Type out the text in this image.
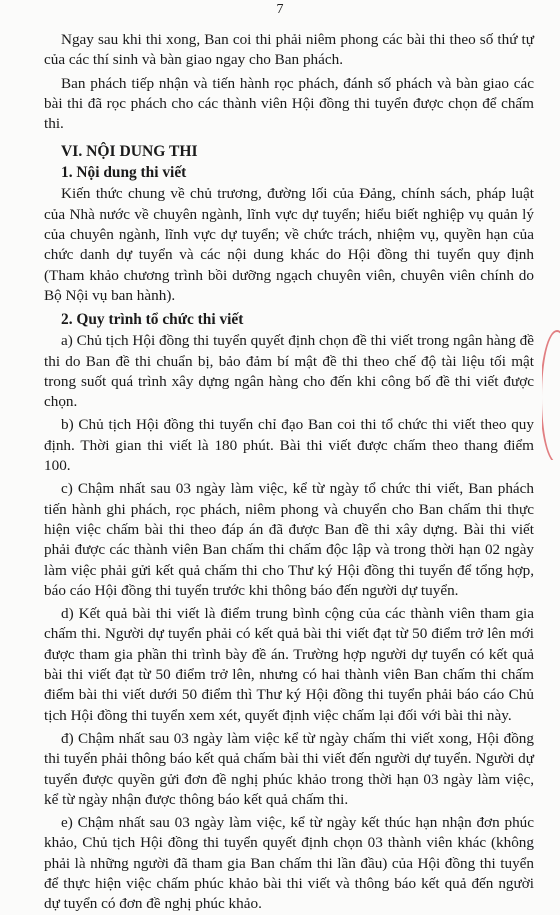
7

Ngay sau khi thi xong, Ban coi thi phải niêm phong các bài thi theo số thứ tự của các thí sinh và bàn giao ngay cho Ban phách.

Ban phách tiếp nhận và tiến hành rọc phách, đánh số phách và bàn giao các bài thi đã rọc phách cho các thành viên Hội đồng thi tuyển được chọn để chấm thi.

VI. NỘI DUNG THI
1. Nội dung thi viết

Kiến thức chung về chủ trương, đường lối của Đảng, chính sách, pháp luật của Nhà nước về chuyên ngành, lĩnh vực dự tuyển; hiểu biết nghiệp vụ quản lý của chuyên ngành, lĩnh vực dự tuyển; về chức trách, nhiệm vụ, quyền hạn của chức danh dự tuyển và các nội dung khác do Hội đồng thi tuyển quy định (Tham khảo chương trình bồi dưỡng ngạch chuyên viên, chuyên viên chính do Bộ Nội vụ ban hành).

2. Quy trình tổ chức thi viết

a) Chủ tịch Hội đồng thi tuyển quyết định chọn đề thi viết trong ngân hàng đề thi do Ban đề thi chuẩn bị, bảo đảm bí mật đề thi theo chế độ tài liệu tối mật trong suốt quá trình xây dựng ngân hàng cho đến khi công bố đề thi viết được chọn.

b) Chủ tịch Hội đồng thi tuyển chỉ đạo Ban coi thi tổ chức thi viết theo quy định. Thời gian thi viết là 180 phút. Bài thi viết được chấm theo thang điểm 100.

c) Chậm nhất sau 03 ngày làm việc, kể từ ngày tổ chức thi viết, Ban phách tiến hành ghi phách, rọc phách, niêm phong và chuyển cho Ban chấm thi thực hiện việc chấm bài thi theo đáp án đã được Ban đề thi xây dựng. Bài thi viết phải được các thành viên Ban chấm thi chấm độc lập và trong thời hạn 02 ngày làm việc phải gửi kết quả chấm thi cho Thư ký Hội đồng thi tuyển để tổng hợp, báo cáo Hội đồng thi tuyển trước khi thông báo đến người dự tuyển.

d) Kết quả bài thi viết là điểm trung bình cộng của các thành viên tham gia chấm thi. Người dự tuyển phải có kết quả bài thi viết đạt từ 50 điểm trở lên mới được tham gia phần thi trình bày đề án. Trường hợp người dự tuyển có kết quả bài thi viết đạt từ 50 điểm trở lên, nhưng có hai thành viên Ban chấm thi chấm điểm bài thi viết dưới 50 điểm thì Thư ký Hội đồng thi tuyển phải báo cáo Chủ tịch Hội đồng thi tuyển xem xét, quyết định việc chấm lại đối với bài thi này.

đ) Chậm nhất sau 03 ngày làm việc kể từ ngày chấm thi viết xong, Hội đồng thi tuyển phải thông báo kết quả chấm bài thi viết đến người dự tuyển. Người dự tuyển được quyền gửi đơn đề nghị phúc khảo trong thời hạn 03 ngày làm việc, kể từ ngày nhận được thông báo kết quả chấm thi.

e) Chậm nhất sau 03 ngày làm việc, kể từ ngày kết thúc hạn nhận đơn phúc khảo, Chủ tịch Hội đồng thi tuyển quyết định chọn 03 thành viên khác (không phải là những người đã tham gia Ban chấm thi lần đầu) của Hội đồng thi tuyển để thực hiện việc chấm phúc khảo bài thi viết và thông báo kết quả đến người dự tuyển có đơn đề nghị phúc khảo.
